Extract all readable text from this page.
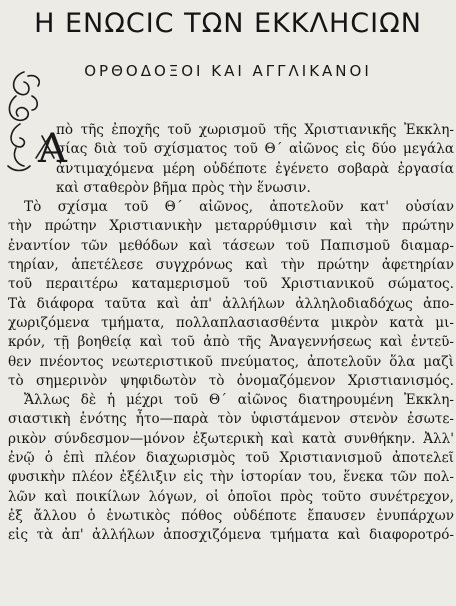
Η ΕΝΩϹΙϹ ΤΩΝ ΕΚΚΛΗϹΙΩΝ
ΟΡΘΟΔΟΞΟΙ ΚΑΙ ΑΓΓΛΙΚΑΝΟΙ
Α
πὸ τῆς ἐποχῆς τοῦ χωρισμοῦ τῆς Χριστιανικῆς Ἐκκλη-
σίας διὰ τοῦ σχίσματος τοῦ Θ΄ αἰῶνος εἰς δύο μεγάλα
ἀντιμαχόμενα μέρη οὐδέποτε ἐγένετο σοβαρὰ ἐργασία
καὶ σταθερὸν βῆμα πρὸς τὴν ἕνωσιν.
Τὸ σχίσμα τοῦ Θ΄ αἰῶνος, ἀποτελοῦν κατ' οὐσίαν
τὴν πρώτην Χριστιανικὴν μεταρρύθμισιν καὶ τὴν πρώτην
ἐναντίον τῶν μεθόδων καὶ τάσεων τοῦ Παπισμοῦ διαμαρ-
τηρίαν, ἀπετέλεσε συγχρόνως καὶ τὴν πρώτην ἀφετηρίαν
τοῦ περαιτέρω καταμερισμοῦ τοῦ Χριστιανικοῦ σώματος.
Τὰ διάφορα ταῦτα καὶ ἀπ' ἀλλήλων ἀλληλοδιαδόχως ἀπο-
χωριζόμενα τμήματα, πολλαπλασιασθέντα μικρὸν κατὰ μι-
κρόν, τῇ βοηθείᾳ καὶ τοῦ ἀπὸ τῆς Ἀναγεννήσεως καὶ ἐντεῦ-
θεν πνέοντος νεωτεριστικοῦ πνεύματος, ἀποτελοῦν ὅλα μαζὶ
τὸ σημερινὸν ψηφιδωτὸν τὸ ὀνομαζόμενον Χριστιανισμός.
Ἄλλως δὲ ἡ μέχρι τοῦ Θ΄ αἰῶνος διατηρουμένη Ἐκκλη-
σιαστικὴ ἑνότης ἦτο—παρὰ τὸν ὑφιστάμενον στενὸν ἐσωτε-
ρικὸν σύνδεσμον—μόνον ἐξωτερικὴ καὶ κατὰ συνθήκην. Ἀλλ'
ἐνῷ ὁ ἐπὶ πλέον διαχωρισμὸς τοῦ Χριστιανισμοῦ ἀποτελεῖ
φυσικὴν πλέον ἐξέλιξιν εἰς τὴν ἱστορίαν του, ἕνεκα τῶν πολ-
λῶν καὶ ποικίλων λόγων, οἱ ὁποῖοι πρὸς τοῦτο συνέτρεχον,
ἐξ ἄλλου ὁ ἑνωτικὸς πόθος οὐδέποτε ἔπαυσεν ἐνυπάρχων
εἰς τὰ ἀπ' ἀλλήλων ἀποσχιζόμενα τμήματα καὶ διαφοροτρό-
